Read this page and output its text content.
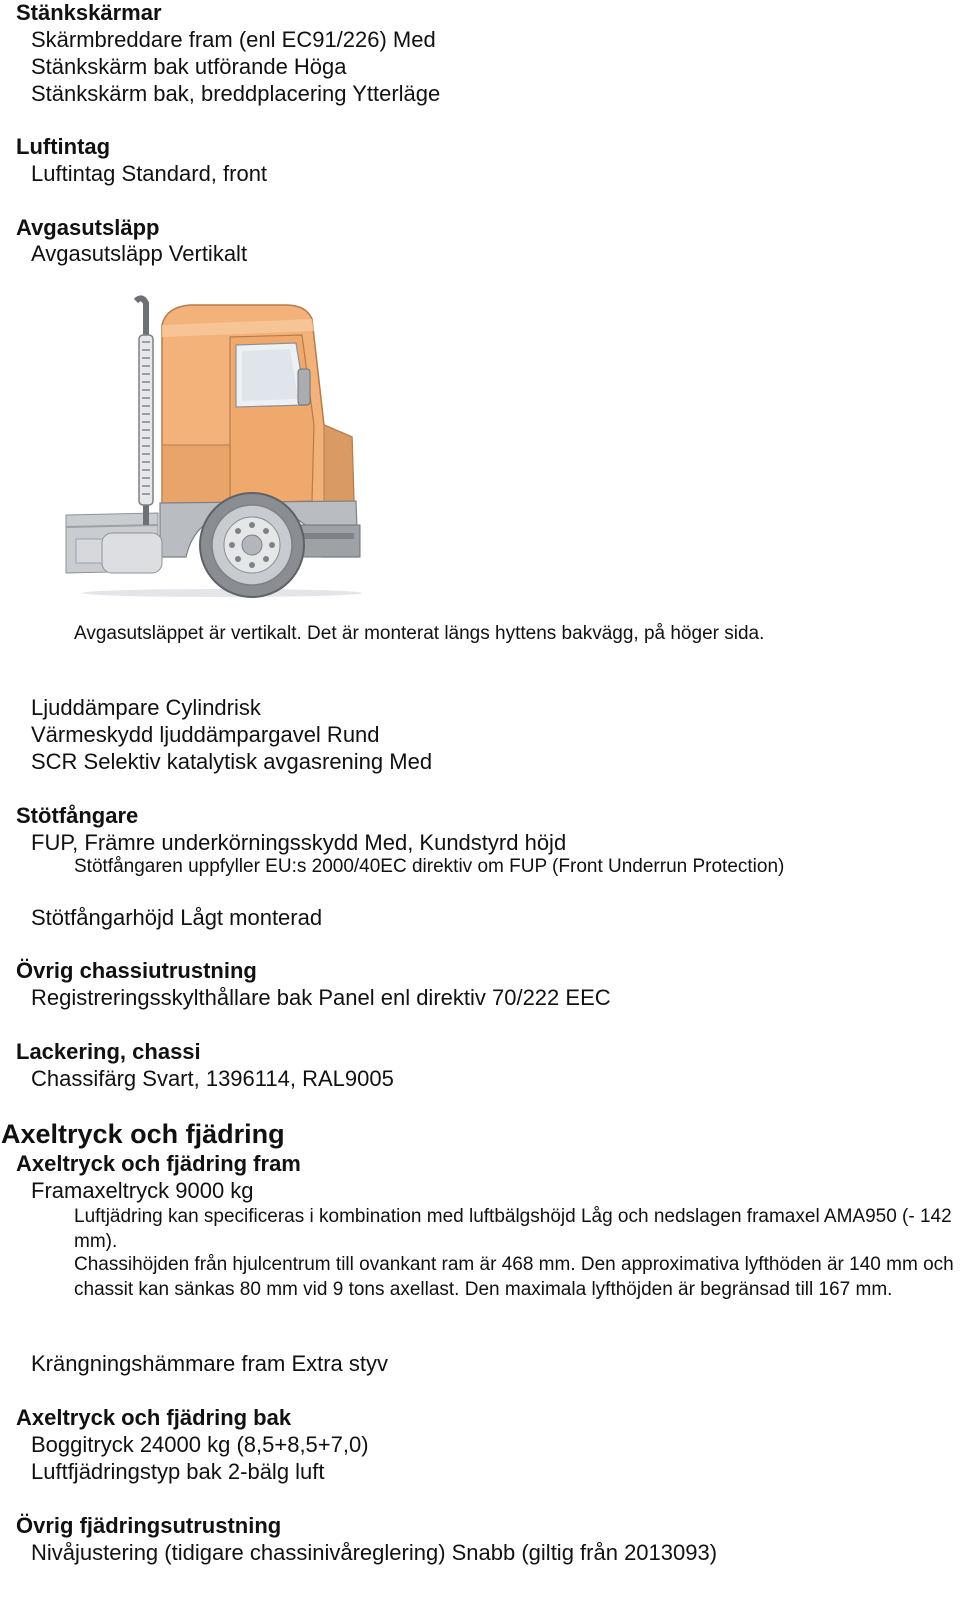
Stänkskärmar
Skärmbreddare fram (enl EC91/226) Med
Stänkskärm bak utförande Höga
Stänkskärm bak, breddplacering Ytterläge
Luftintag
Luftintag Standard, front
Avgasutsläpp
Avgasutsläpp Vertikalt
Avgasutsläppet är vertikalt. Det är monterat längs hyttens bakvägg, på höger sida.
Ljuddämpare Cylindrisk
Värmeskydd ljuddämpargavel Rund
SCR Selektiv katalytisk avgasrening Med
Stötfångare
FUP, Främre underkörningsskydd Med, Kundstyrd höjd
Stötfångaren uppfyller EU:s 2000/40EC direktiv om FUP (Front Underrun Protection)
Stötfångarhöjd Lågt monterad
Övrig chassiutrustning
Registreringsskylthållare bak Panel enl direktiv 70/222 EEC
Lackering, chassi
Chassifärg Svart, 1396114, RAL9005
Axeltryck och fjädring
Axeltryck och fjädring fram
Framaxeltryck 9000 kg
Luftjädring kan specificeras i kombination med luftbälgshöjd Låg och nedslagen framaxel AMA950 (- 142 mm).
Chassihöjden från hjulcentrum till ovankant ram är 468 mm. Den approximativa lyfthöden är 140 mm och chassit kan sänkas 80 mm vid 9 tons axellast. Den maximala lyfthöjden är begränsad till 167 mm.
Krängningshämmare fram Extra styv
Axeltryck och fjädring bak
Boggitryck 24000 kg (8,5+8,5+7,0)
Luftfjädringstyp bak 2-bälg luft
Övrig fjädringsutrustning
Nivåjustering (tidigare chassinivåreglering) Snabb (giltig från 2013093)
